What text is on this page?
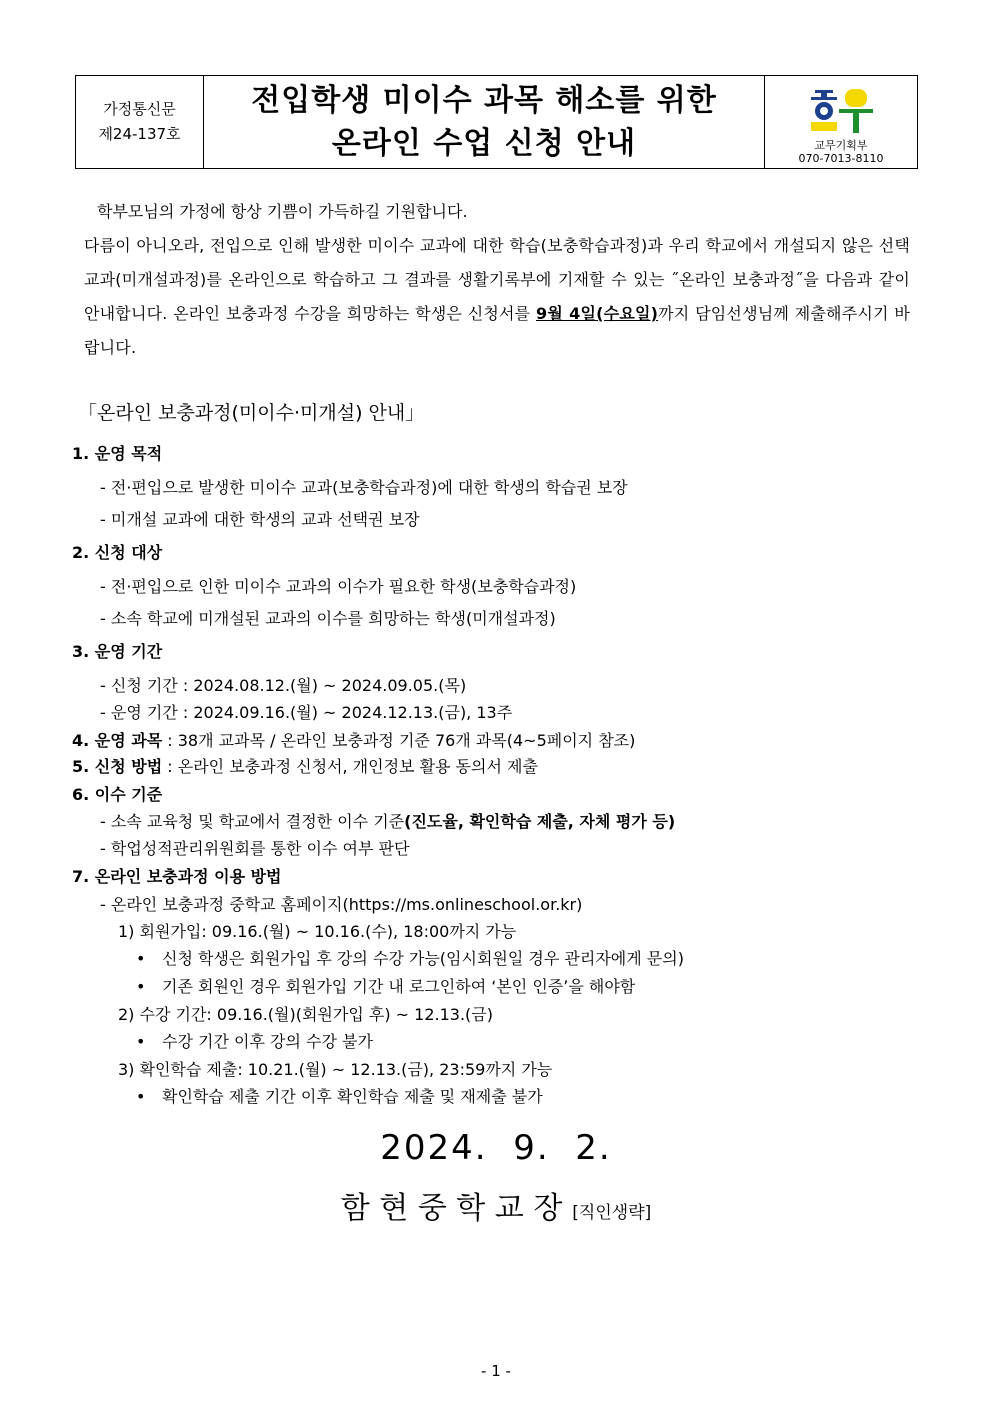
가정통신문
제24-137호
전입학생 미이수 과목 해소를 위한
온라인 수업 신청 안내	교무기획부
070-7013-8110
학부모님의 가정에 항상 기쁨이 가득하길 기원합니다.
다름이 아니오라, 전입으로 인해 발생한 미이수 교과에 대한 학습(보충학습과정)과 우리 학교에서 개설되지 않은 선택 교과(미개설과정)를 온라인으로 학습하고 그 결과를 생활기록부에 기재할 수 있는 ˝온라인 보충과정˝을 다음과 같이 안내합니다. 온라인 보충과정 수강을 희망하는 학생은 신청서를 9월 4일(수요일)까지 담임선생님께 제출해주시기 바랍니다.
「온라인 보충과정(미이수·미개설) 안내」
1. 운영 목적
- 전·편입으로 발생한 미이수 교과(보충학습과정)에 대한 학생의 학습권 보장
- 미개설 교과에 대한 학생의 교과 선택권 보장
2. 신청 대상
- 전·편입으로 인한 미이수 교과의 이수가 필요한 학생(보충학습과정)
- 소속 학교에 미개설된 교과의 이수를 희망하는 학생(미개설과정)
3. 운영 기간
- 신청 기간 : 2024.08.12.(월) ~ 2024.09.05.(목)
- 운영 기간 : 2024.09.16.(월) ~ 2024.12.13.(금), 13주
4. 운영 과목 : 38개 교과목 / 온라인 보충과정 기준 76개 과목(4~5페이지 참조)
5. 신청 방법 : 온라인 보충과정 신청서, 개인정보 활용 동의서 제출
6. 이수 기준
- 소속 교육청 및 학교에서 결정한 이수 기준(진도율, 확인학습 제출, 자체 평가 등)
- 학업성적관리위원회를 통한 이수 여부 판단
7. 온라인 보충과정 이용 방법
- 온라인 보충과정 중학교 홈페이지(https://ms.onlineschool.or.kr)
1) 회원가입: 09.16.(월) ~ 10.16.(수), 18:00까지 가능
• 신청 학생은 회원가입 후 강의 수강 가능(임시회원일 경우 관리자에게 문의)
• 기존 회원인 경우 회원가입 기간 내 로그인하여 ‘본인 인증’을 해야함
2) 수강 기간: 09.16.(월)(회원가입 후) ~ 12.13.(금)
• 수강 기간 이후 강의 수강 불가
3) 확인학습 제출: 10.21.(월) ~ 12.13.(금), 23:59까지 가능
• 확인학습 제출 기간 이후 확인학습 제출 및 재제출 불가
2024.  9.  2.
함 현 중 학 교 장 [직인생략]
- 1 -
